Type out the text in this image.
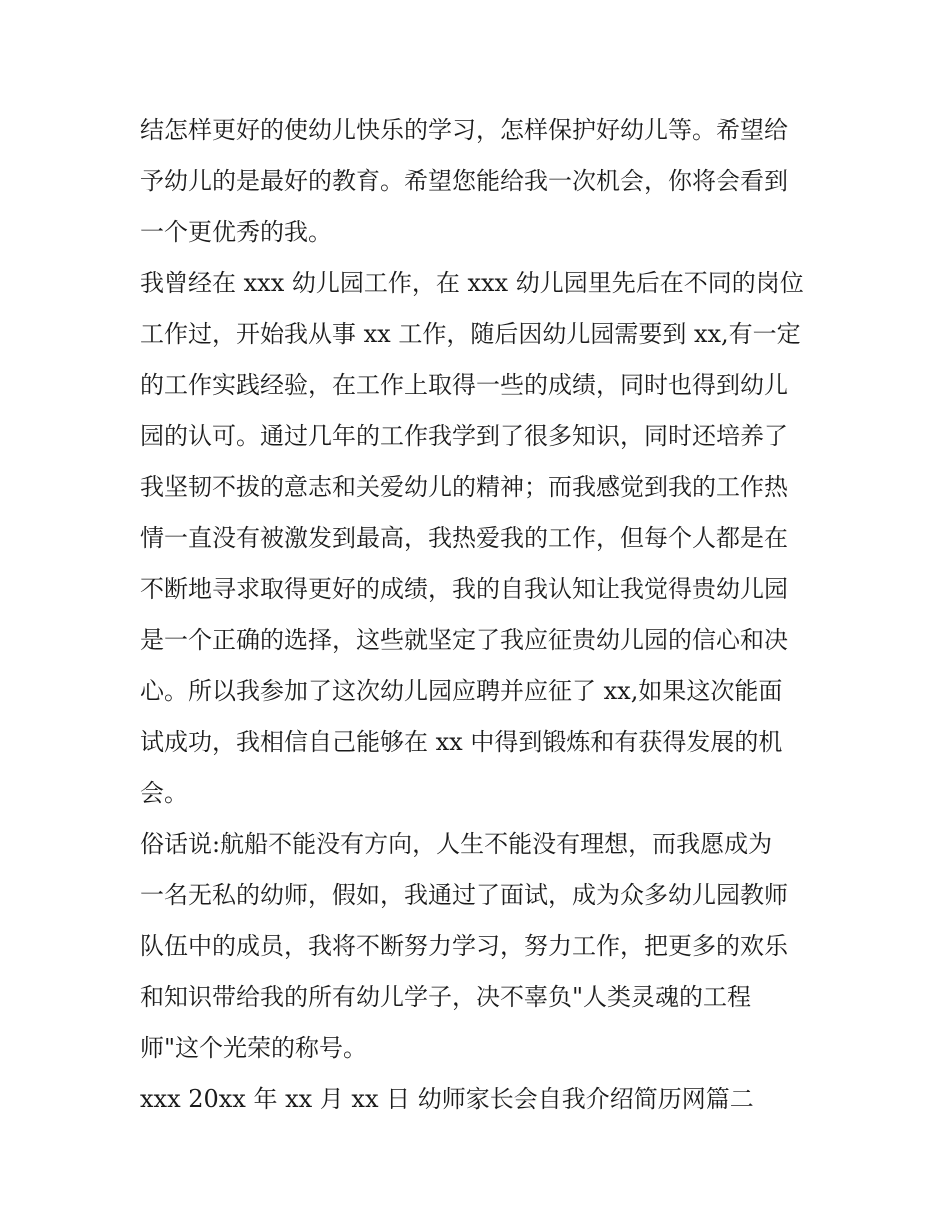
结怎样更好的使幼儿快乐的学习，怎样保护好幼儿等。希望给
予幼儿的是最好的教育。希望您能给我一次机会，你将会看到
一个更优秀的我。
我曾经在 xxx 幼儿园工作，在 xxx 幼儿园里先后在不同的岗位
工作过，开始我从事 xx 工作，随后因幼儿园需要到 xx,有一定
的工作实践经验，在工作上取得一些的成绩，同时也得到幼儿
园的认可。通过几年的工作我学到了很多知识，同时还培养了
我坚韧不拔的意志和关爱幼儿的精神；而我感觉到我的工作热
情一直没有被激发到最高，我热爱我的工作，但每个人都是在
不断地寻求取得更好的成绩，我的自我认知让我觉得贵幼儿园
是一个正确的选择，这些就坚定了我应征贵幼儿园的信心和决
心。所以我参加了这次幼儿园应聘并应征了 xx,如果这次能面
试成功，我相信自己能够在 xx 中得到锻炼和有获得发展的机
会。
俗话说:航船不能没有方向，人生不能没有理想，而我愿成为
一名无私的幼师，假如，我通过了面试，成为众多幼儿园教师
队伍中的成员，我将不断努力学习，努力工作，把更多的欢乐
和知识带给我的所有幼儿学子，决不辜负"人类灵魂的工程
师"这个光荣的称号。
xxx 20xx 年 xx 月 xx 日 幼师家长会自我介绍简历网篇二
